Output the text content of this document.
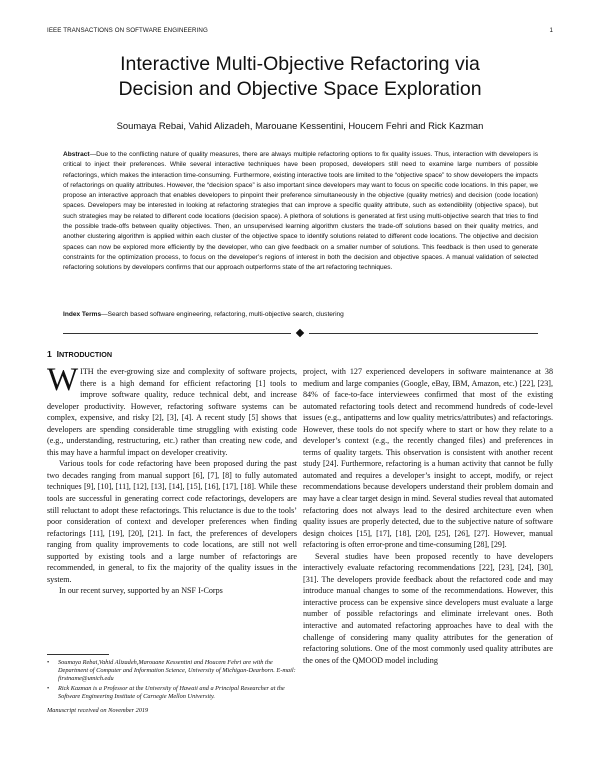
IEEE TRANSACTIONS ON SOFTWARE ENGINEERING	1
Interactive Multi-Objective Refactoring via
Decision and Objective Space Exploration
Soumaya Rebai, Vahid Alizadeh, Marouane Kessentini, Houcem Fehri and Rick Kazman

Abstract—Due to the conflicting nature of quality measures, there are always multiple refactoring options to fix quality issues. Thus, interaction with developers is critical to inject their preferences. While several interactive techniques have been proposed, developers still need to examine large numbers of possible refactorings, which makes the interaction time-consuming. Furthermore, existing interactive tools are limited to the “objective space” to show developers the impacts of refactorings on quality attributes. However, the “decision space” is also important since developers may want to focus on specific code locations. In this paper, we propose an interactive approach that enables developers to pinpoint their preference simultaneously in the objective (quality metrics) and decision (code location) spaces. Developers may be interested in looking at refactoring strategies that can improve a specific quality attribute, such as extendibility (objective space), but such strategies may be related to different code locations (decision space). A plethora of solutions is generated at first using multi-objective search that tries to find the possible trade-offs between quality objectives. Then, an unsupervised learning algorithm clusters the trade-off solutions based on their quality metrics, and another clustering algorithm is applied within each cluster of the objective space to identify solutions related to different code locations. The objective and decision spaces can now be explored more efficiently by the developer, who can give feedback on a smaller number of solutions. This feedback is then used to generate constraints for the optimization process, to focus on the developer’s regions of interest in both the decision and objective spaces. A manual validation of selected refactoring solutions by developers confirms that our approach outperforms state of the art refactoring techniques.

Index Terms—Search based software engineering, refactoring, multi-objective search, clustering

1 INTRODUCTION

WITH the ever-growing size and complexity of software projects, there is a high demand for efficient refactoring [1] tools to improve software quality, reduce technical debt, and increase developer productivity. However, refactoring software systems can be complex, expensive, and risky [2], [3], [4]. A recent study [5] shows that developers are spending considerable time struggling with existing code (e.g., understanding, restructuring, etc.) rather than creating new code, and this may have a harmful impact on developer creativity.

Various tools for code refactoring have been proposed during the past two decades ranging from manual support [6], [7], [8] to fully automated techniques [9], [10], [11], [12], [13], [14], [15], [16], [17], [18]. While these tools are successful in generating correct code refactorings, developers are still reluctant to adopt these refactorings. This reluctance is due to the tools’ poor consideration of context and developer preferences when finding refactorings [11], [19], [20], [21]. In fact, the preferences of developers ranging from quality improvements to code locations, are still not well supported by existing tools and a large number of refactorings are recommended, in general, to fix the majority of the quality issues in the system.

In our recent survey, supported by an NSF I-Corps

• Soumaya Rebai,Vahid Alizadeh,Marouane Kessentini and Houcem Fehri are with the Department of Computer and Information Science, University of Michigan-Dearborn. E-mail: firstname@umich.edu
• Rick Kazman is a Professor at the University of Hawaii and a Principal Researcher at the Software Engineering Institute of Carnegie Mellon University.
Manuscript received on November 2019

project, with 127 experienced developers in software maintenance at 38 medium and large companies (Google, eBay, IBM, Amazon, etc.) [22], [23], 84% of face-to-face interviewees confirmed that most of the existing automated refactoring tools detect and recommend hundreds of code-level issues (e.g., antipatterns and low quality metrics/attributes) and refactorings. However, these tools do not specify where to start or how they relate to a developer’s context (e.g., the recently changed files) and preferences in terms of quality targets. This observation is consistent with another recent study [24]. Furthermore, refactoring is a human activity that cannot be fully automated and requires a developer’s insight to accept, modify, or reject recommendations because developers understand their problem domain and may have a clear target design in mind. Several studies reveal that automated refactoring does not always lead to the desired architecture even when quality issues are properly detected, due to the subjective nature of software design choices [15], [17], [18], [20], [25], [26], [27]. However, manual refactoring is often error-prone and time-consuming [28], [29].

Several studies have been proposed recently to have developers interactively evaluate refactoring recommendations [22], [23], [24], [30], [31]. The developers provide feedback about the refactored code and may introduce manual changes to some of the recommendations. However, this interactive process can be expensive since developers must evaluate a large number of possible refactorings and eliminate irrelevant ones. Both interactive and automated refactoring approaches have to deal with the challenge of considering many quality attributes for the generation of refactoring solutions. One of the most commonly used quality attributes are the ones of the QMOOD model including
